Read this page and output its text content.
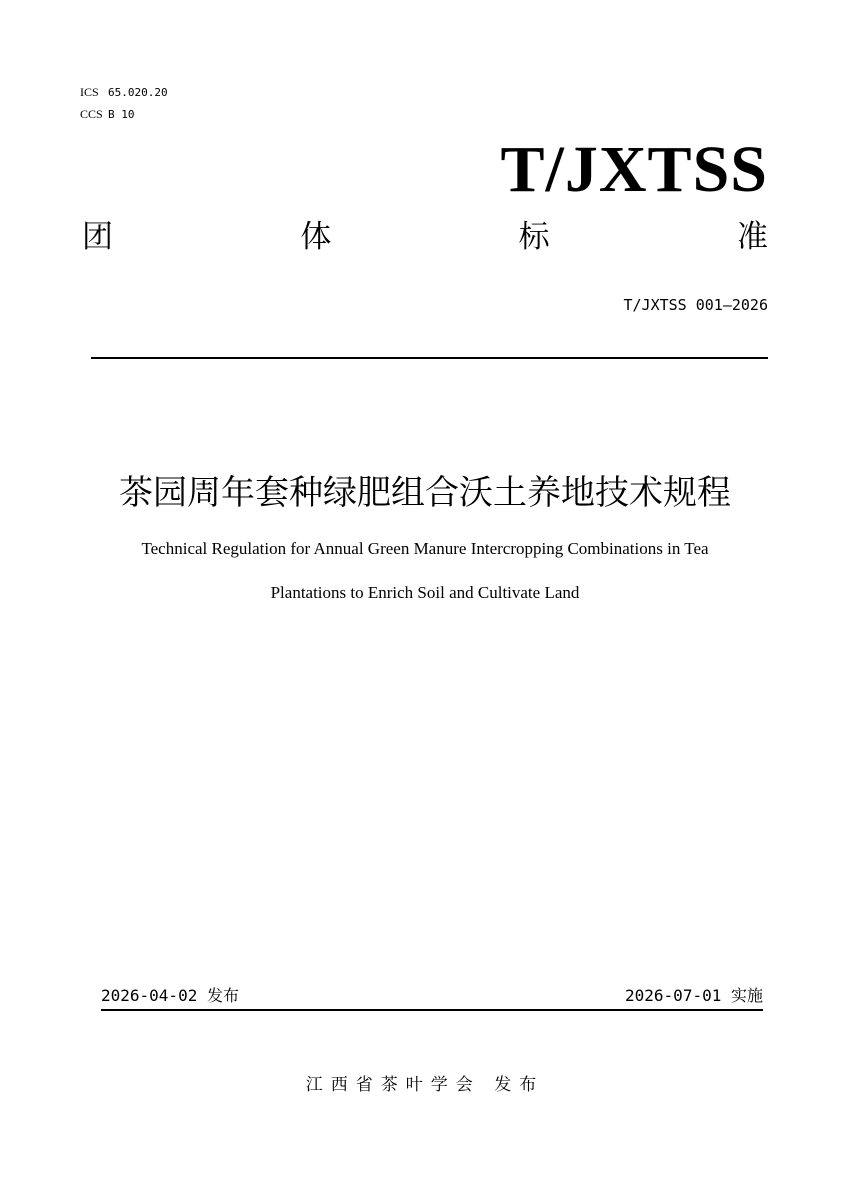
ICS 65.020.20
CCS B 10
T/JXTSS
团	体	标	准
T/JXTSS 001—2026
茶园周年套种绿肥组合沃土养地技术规程
Technical Regulation for Annual Green Manure Intercropping Combinations in Tea
Plantations to Enrich Soil and Cultivate Land
2026-04-02 发布	2026-07-01 实施
江西省茶叶学会 发布
